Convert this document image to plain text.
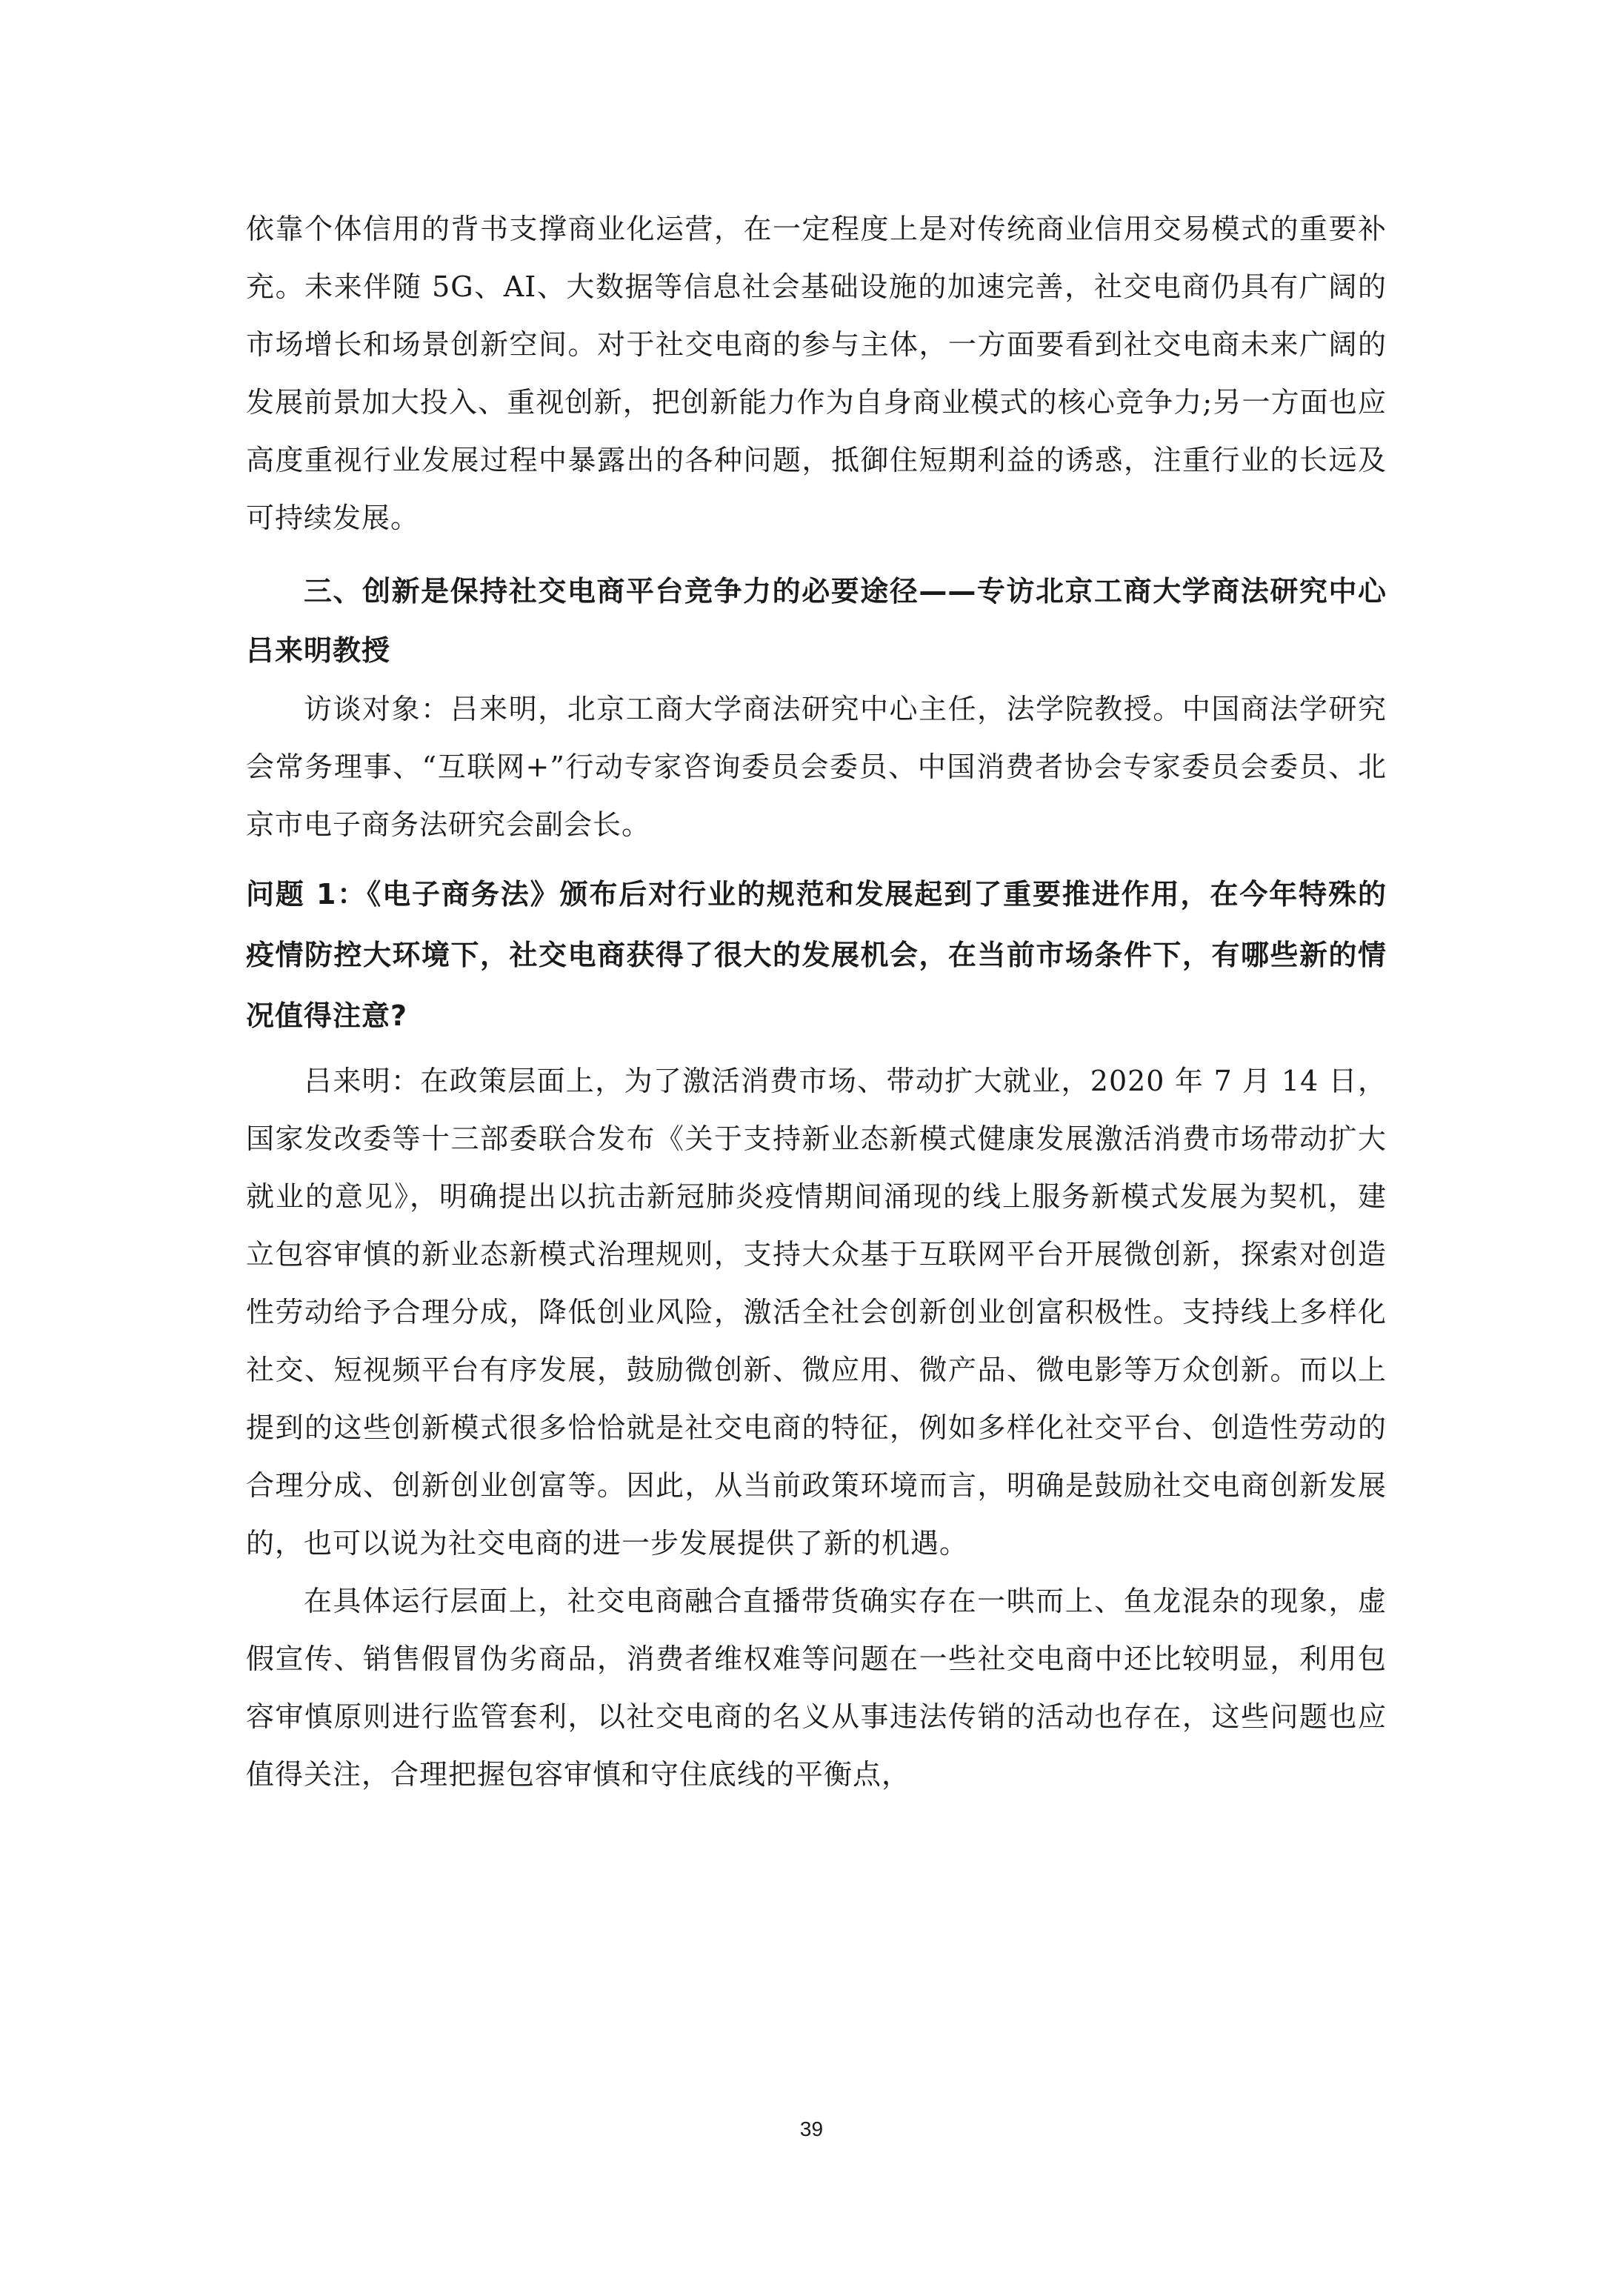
依靠个体信用的背书支撑商业化运营，在一定程度上是对传统商业信用交易模式的重要补充。未来伴随 5G、AI、大数据等信息社会基础设施的加速完善，社交电商仍具有广阔的市场增长和场景创新空间。对于社交电商的参与主体，一方面要看到社交电商未来广阔的发展前景加大投入、重视创新，把创新能力作为自身商业模式的核心竞争力;另一方面也应高度重视行业发展过程中暴露出的各种问题，抵御住短期利益的诱惑，注重行业的长远及可持续发展。

三、创新是保持社交电商平台竞争力的必要途径——专访北京工商大学商法研究中心吕来明教授

访谈对象：吕来明，北京工商大学商法研究中心主任，法学院教授。中国商法学研究会常务理事、“互联网+”行动专家咨询委员会委员、中国消费者协会专家委员会委员、北京市电子商务法研究会副会长。

问题 1：《电子商务法》颁布后对行业的规范和发展起到了重要推进作用，在今年特殊的疫情防控大环境下，社交电商获得了很大的发展机会，在当前市场条件下，有哪些新的情况值得注意?

吕来明：在政策层面上，为了激活消费市场、带动扩大就业，2020 年 7 月 14 日，国家发改委等十三部委联合发布《关于支持新业态新模式健康发展激活消费市场带动扩大就业的意见》，明确提出以抗击新冠肺炎疫情期间涌现的线上服务新模式发展为契机，建立包容审慎的新业态新模式治理规则，支持大众基于互联网平台开展微创新，探索对创造性劳动给予合理分成，降低创业风险，激活全社会创新创业创富积极性。支持线上多样化社交、短视频平台有序发展，鼓励微创新、微应用、微产品、微电影等万众创新。而以上提到的这些创新模式很多恰恰就是社交电商的特征，例如多样化社交平台、创造性劳动的合理分成、创新创业创富等。因此，从当前政策环境而言，明确是鼓励社交电商创新发展的，也可以说为社交电商的进一步发展提供了新的机遇。

在具体运行层面上，社交电商融合直播带货确实存在一哄而上、鱼龙混杂的现象，虚假宣传、销售假冒伪劣商品，消费者维权难等问题在一些社交电商中还比较明显，利用包容审慎原则进行监管套利，以社交电商的名义从事违法传销的活动也存在，这些问题也应值得关注，合理把握包容审慎和守住底线的平衡点，

39
